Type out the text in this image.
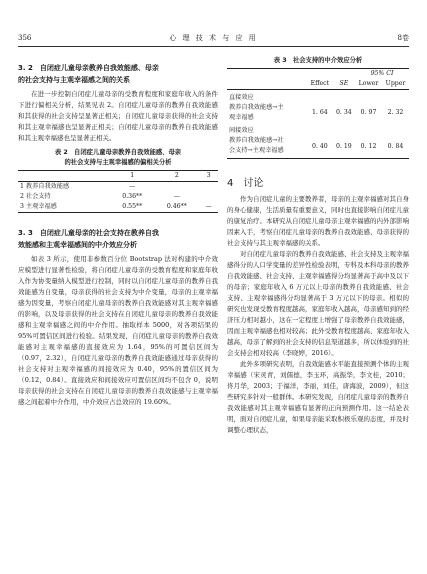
356	心 理 技 术 与 应 用	8卷
3. 2　自闭症儿童母亲教养自我效能感、母亲
的社会支持与主观幸福感之间的关系

在进一步控制自闭症儿童母亲的受教育程度和家庭年收入的条件下进行偏相关分析，结果见表 2。自闭症儿童母亲的教养自我效能感和其获得的社会支持呈显著正相关；自闭症儿童母亲获得的社会支持和其主观幸福感也呈显著正相关；自闭症儿童母亲的教养自我效能感和其主观幸福感也呈显著正相关。

表 2　自闭症儿童母亲教养自我效能感、母亲
的社会支持与主观幸福感的偏相关分析
	1	2	3
1 教养自我效能感	—		
2 社会支持	0.36**	—	
3 主观幸福感	0.55**	0.46**	—
3. 3　自闭症儿童母亲的社会支持在教养自我
效能感和主观幸福感间的中介效应分析

如表 3 所示，使用非参数百分位 Bootstrap 法对构建的中介效应模型进行显著性检验，将自闭症儿童母亲的受教育程度和家庭年收入作为协变量纳入模型进行控制，同时以自闭症儿童母亲的教养自我效能感为自变量，母亲获得的社会支持为中介变量，母亲的主观幸福感为因变量，考察自闭症儿童母亲的教养自我效能感对其主观幸福感的影响，以及母亲获得的社会支持在自闭症儿童母亲的教养自我效能感和主观幸福感之间的中介作用。抽取样本 5000，对各项结果的 95%可置信区间进行检验。结果发现，自闭症儿童母亲的教养自我效能感对主观幸福感的直接效应为 1.64，95%的可置信区间为（0.97，2.32），自闭症儿童母亲的教养自我效能感通过母亲获得的社会支持对主观幸福感的间接效应为 0.40，95%的置信区间为（0.12，0.84）。直接效应和间接效应可置信区间均不包含 0，说明母亲获得的社会支持在自闭症儿童母亲的教养自我效能感与主观幸福感之间起着中介作用，中介效应占总效应的 19.60%。

表 3　社会支持的中介效应分析
			95% CI	
	Effect	SE	Lower	Upper
直接效应				

教养自我效能感→主
观幸福感	1. 64	0. 34	0. 97	2. 32
间接效应				

教养自我效能感→社
会支持→主观幸福感	0. 40	0. 19	0. 12	0. 84
4　讨论

作为自闭症儿童的主要教养者，母亲的主观幸福感对其自身的身心健康，生活质量有重要意义，同时也直接影响自闭症儿童的康复治疗。本研究从自闭症儿童母亲主观幸福感的内外部影响因素入手，考察自闭症儿童母亲的教养自我效能感、母亲获得的社会支持与其主观幸福感的关系。

对自闭症儿童母亲的教养自我效能感、社会支持及主观幸福感得分的人口学变量的差异性检验表明，专科及本科母亲的教养自我效能感、社会支持、主观幸福感得分均显著高于高中及以下的母亲；家庭年收入 6 万元以上母亲的教养自我效能感、社会支持、主观幸福感得分均显著高于 3 万元以下的母亲。相似的研究也发现受教育程度越高，家庭年收入越高，母亲感知到的经济压力相对越小，这在一定程度上增强了母亲教养自我效能感，因而主观幸福感也相对较高；此外受教育程度越高、家庭年收入越高，母亲了解到的社会支持的信息渠道越多，所以体验到的社会支持会相对较高（李晓婷，2016）。

此外多项研究表明，自我效能感水平能直接预测个体的主观幸福感（宋灵青，刘儒德，李玉环，高振华，李文桂，2010；佟月华，2003；于福洋，李丽，刘佳，唐海波，2009），但这些研究多针对一般群体。本研究发现，自闭症儿童母亲的教养自我效能感对其主观幸福感有显著的正向预测作用。这一结论表明，面对自闭症儿童，如果母亲能采取积极乐观的态度，并及时调整心理状态，
